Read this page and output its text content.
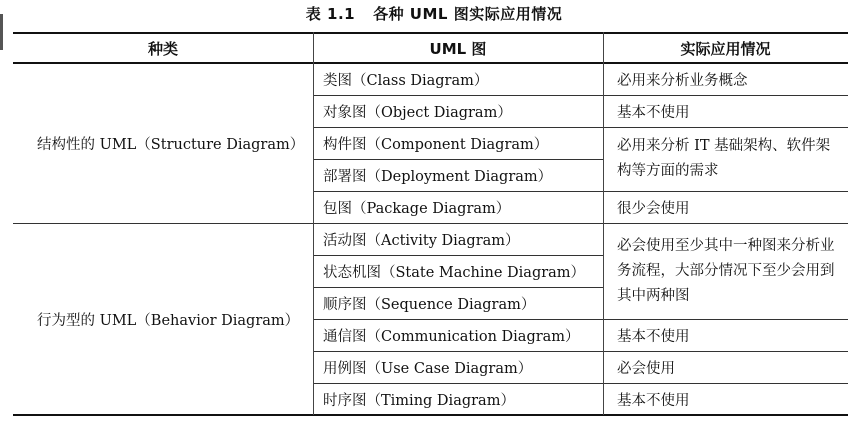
表 1.1 各种 UML 图实际应用情况
种类	UML 图	实际应用情况
结构性的 UML（Structure Diagram）
行为型的 UML（Behavior Diagram）
类图（Class Diagram）
对象图（Object Diagram）
构件图（Component Diagram）
部署图（Deployment Diagram）
包图（Package Diagram）
活动图（Activity Diagram）
状态机图（State Machine Diagram）
顺序图（Sequence Diagram）
通信图（Communication Diagram）
用例图（Use Case Diagram）
时序图（Timing Diagram）
必用来分析业务概念
基本不使用
必用来分析 IT 基础架构、软件架构等方面的需求
很少会使用
必会使用至少其中一种图来分析业务流程，大部分情况下至少会用到其中两种图
基本不使用
必会使用
基本不使用
